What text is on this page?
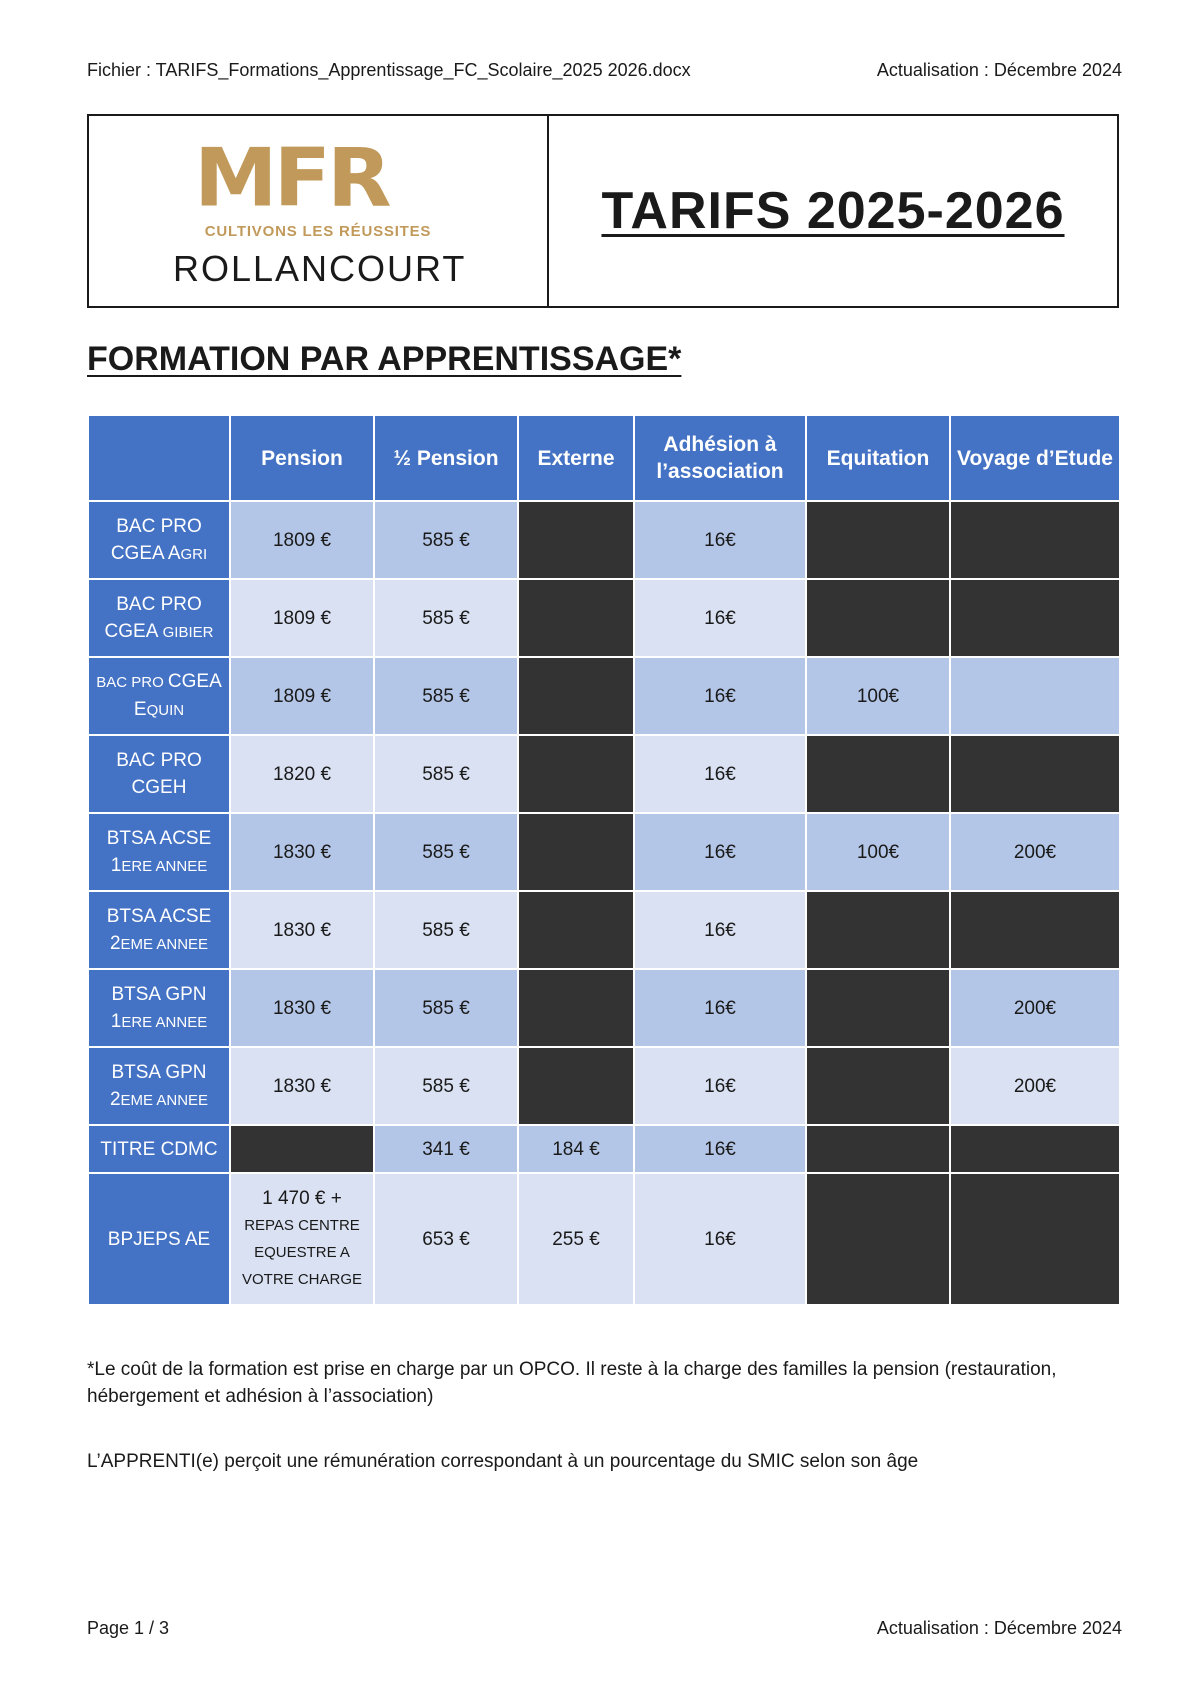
Fichier : TARIFS_Formations_Apprentissage_FC_Scolaire_2025 2026.docx	Actualisation : Décembre 2024
MFR
CULTIVONS LES RÉUSSITES
ROLLANCOURT
TARIFS 2025-2026
FORMATION PAR APPRENTISSAGE*
	Pension	½ Pension	Externe	Adhésion à l’association	Equitation	Voyage d’Etude
BAC PRO
CGEA AGRI	1809 €	585 €		16€		
BAC PRO
CGEA GIBIER	1809 €	585 €		16€		
BAC PRO CGEA
EQUIN	1809 €	585 €		16€	100€	
BAC PRO
CGEH	1820 €	585 €		16€		
BTSA ACSE
1ERE ANNEE	1830 €	585 €		16€	100€	200€
BTSA ACSE
2EME ANNEE	1830 €	585 €		16€		
BTSA GPN
1ERE ANNEE	1830 €	585 €		16€		200€
BTSA GPN
2EME ANNEE	1830 €	585 €		16€		200€
TITRE CDMC		341 €	184 €	16€		
BPJEPS AE	1 470 € +
REPAS CENTRE EQUESTRE A VOTRE CHARGE	653 €	255 €	16€		
*Le coût de la formation est prise en charge par un OPCO. Il reste à la charge des familles la pension (restauration, hébergement et adhésion à l’association)
L’APPRENTI(e) perçoit une rémunération correspondant à un pourcentage du SMIC selon son âge
Page 1 / 3	Actualisation : Décembre 2024
